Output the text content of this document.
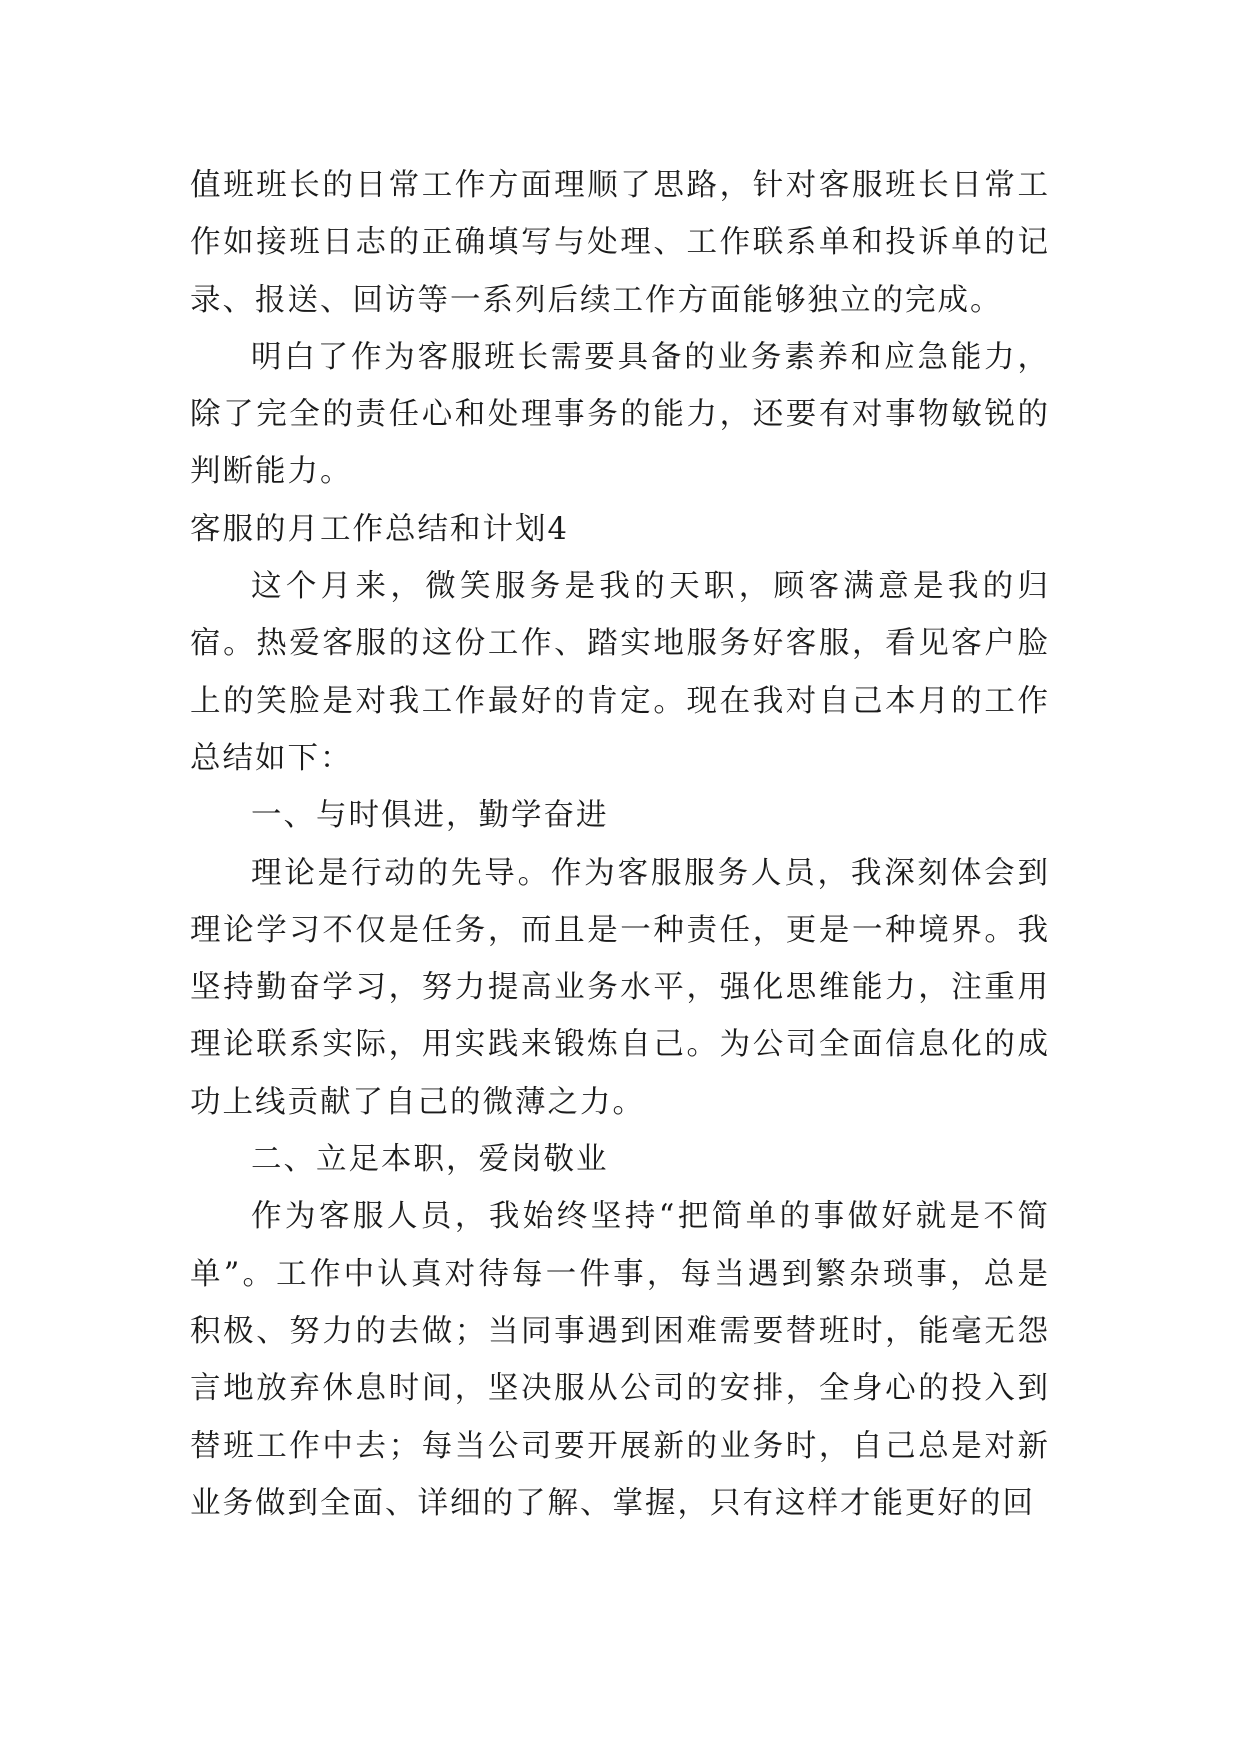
值班班长的日常工作方面理顺了思路，针对客服班长日常工作如接班日志的正确填写与处理、工作联系单和投诉单的记录、报送、回访等一系列后续工作方面能够独立的完成。

明白了作为客服班长需要具备的业务素养和应急能力，除了完全的责任心和处理事务的能力，还要有对事物敏锐的判断能力。

客服的月工作总结和计划4

这个月来，微笑服务是我的天职，顾客满意是我的归宿。热爱客服的这份工作、踏实地服务好客服，看见客户脸上的笑脸是对我工作最好的肯定。现在我对自己本月的工作总结如下：

一、与时俱进，勤学奋进

理论是行动的先导。作为客服服务人员，我深刻体会到理论学习不仅是任务，而且是一种责任，更是一种境界。我坚持勤奋学习，努力提高业务水平，强化思维能力，注重用理论联系实际，用实践来锻炼自己。为公司全面信息化的成功上线贡献了自己的微薄之力。

二、立足本职，爱岗敬业

作为客服人员，我始终坚持“把简单的事做好就是不简单”。工作中认真对待每一件事，每当遇到繁杂琐事，总是积极、努力的去做；当同事遇到困难需要替班时，能毫无怨言地放弃休息时间，坚决服从公司的安排，全身心的投入到替班工作中去；每当公司要开展新的业务时，自己总是对新业务做到全面、详细的了解、掌握，只有这样才能更好的回
